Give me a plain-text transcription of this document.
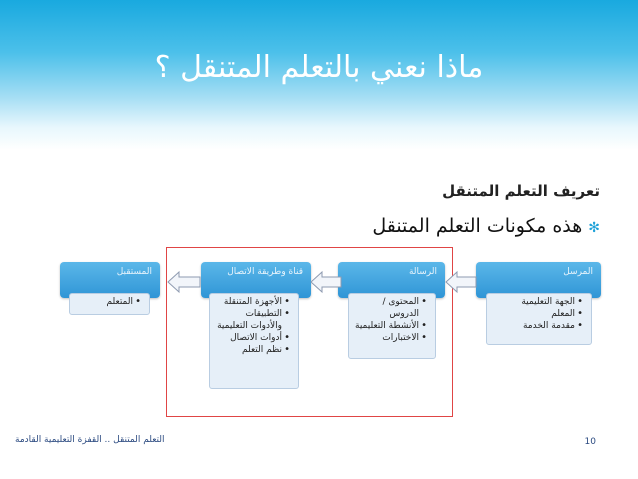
ماذا نعني بالتعلم المتنقل ؟
تعريف التعلم المتنقل
✻هذه مكونات التعلم المتنقل
المرسل
• الجهة التعليمية
• المعلم
• مقدمة الخدمة
الرسالة
• المحتوى / الدروس
• الأنشطة التعليمية
• الاختبارات
قناة وطريقة الاتصال
• الأجهزة المتنقلة
• التطبيقات والأدوات التعليمية
• أدوات الاتصال
• نظم التعلم
المستقبل
• المتعلم
التعلم المتنقل .. القفزة التعليمية القادمة	10
